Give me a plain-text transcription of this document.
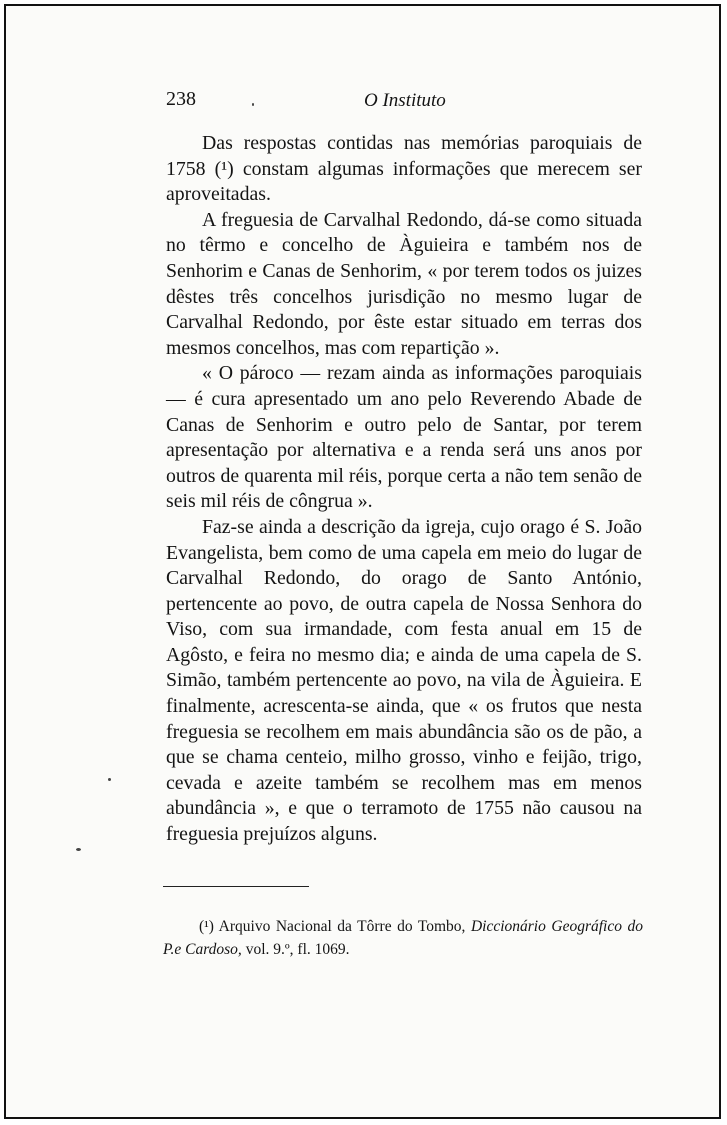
238	O Instituto

Das respostas contidas nas memórias paroquiais de 1758 (¹) constam algumas informações que merecem ser aproveitadas.

A freguesia de Carvalhal Redondo, dá-se como situada no têrmo e concelho de Àguieira e também nos de Senhorim e Canas de Senhorim, « por terem todos os juizes dêstes três concelhos jurisdição no mesmo lugar de Carvalhal Redondo, por êste estar situado em terras dos mesmos concelhos, mas com repartição ».

« O pároco — rezam ainda as informações paroquiais — é cura apresentado um ano pelo Reverendo Abade de Canas de Senhorim e outro pelo de Santar, por terem apresentação por alternativa e a renda será uns anos por outros de quarenta mil réis, porque certa a não tem senão de seis mil réis de côngrua ».

Faz-se ainda a descrição da igreja, cujo orago é S. João Evangelista, bem como de uma capela em meio do lugar de Carvalhal Redondo, do orago de Santo António, pertencente ao povo, de outra capela de Nossa Senhora do Viso, com sua irmandade, com festa anual em 15 de Agôsto, e feira no mesmo dia; e ainda de uma capela de S. Simão, também pertencente ao povo, na vila de Àguieira. E finalmente, acrescenta-se ainda, que « os frutos que nesta freguesia se recolhem em mais abundância são os de pão, a que se chama centeio, milho grosso, vinho e feijão, trigo, cevada e azeite também se recolhem mas em menos abundância », e que o terramoto de 1755 não causou na freguesia prejuízos alguns.

(¹) Arquivo Nacional da Tôrre do Tombo, Diccionário Geográfico do P.e Cardoso, vol. 9.º, fl. 1069.
